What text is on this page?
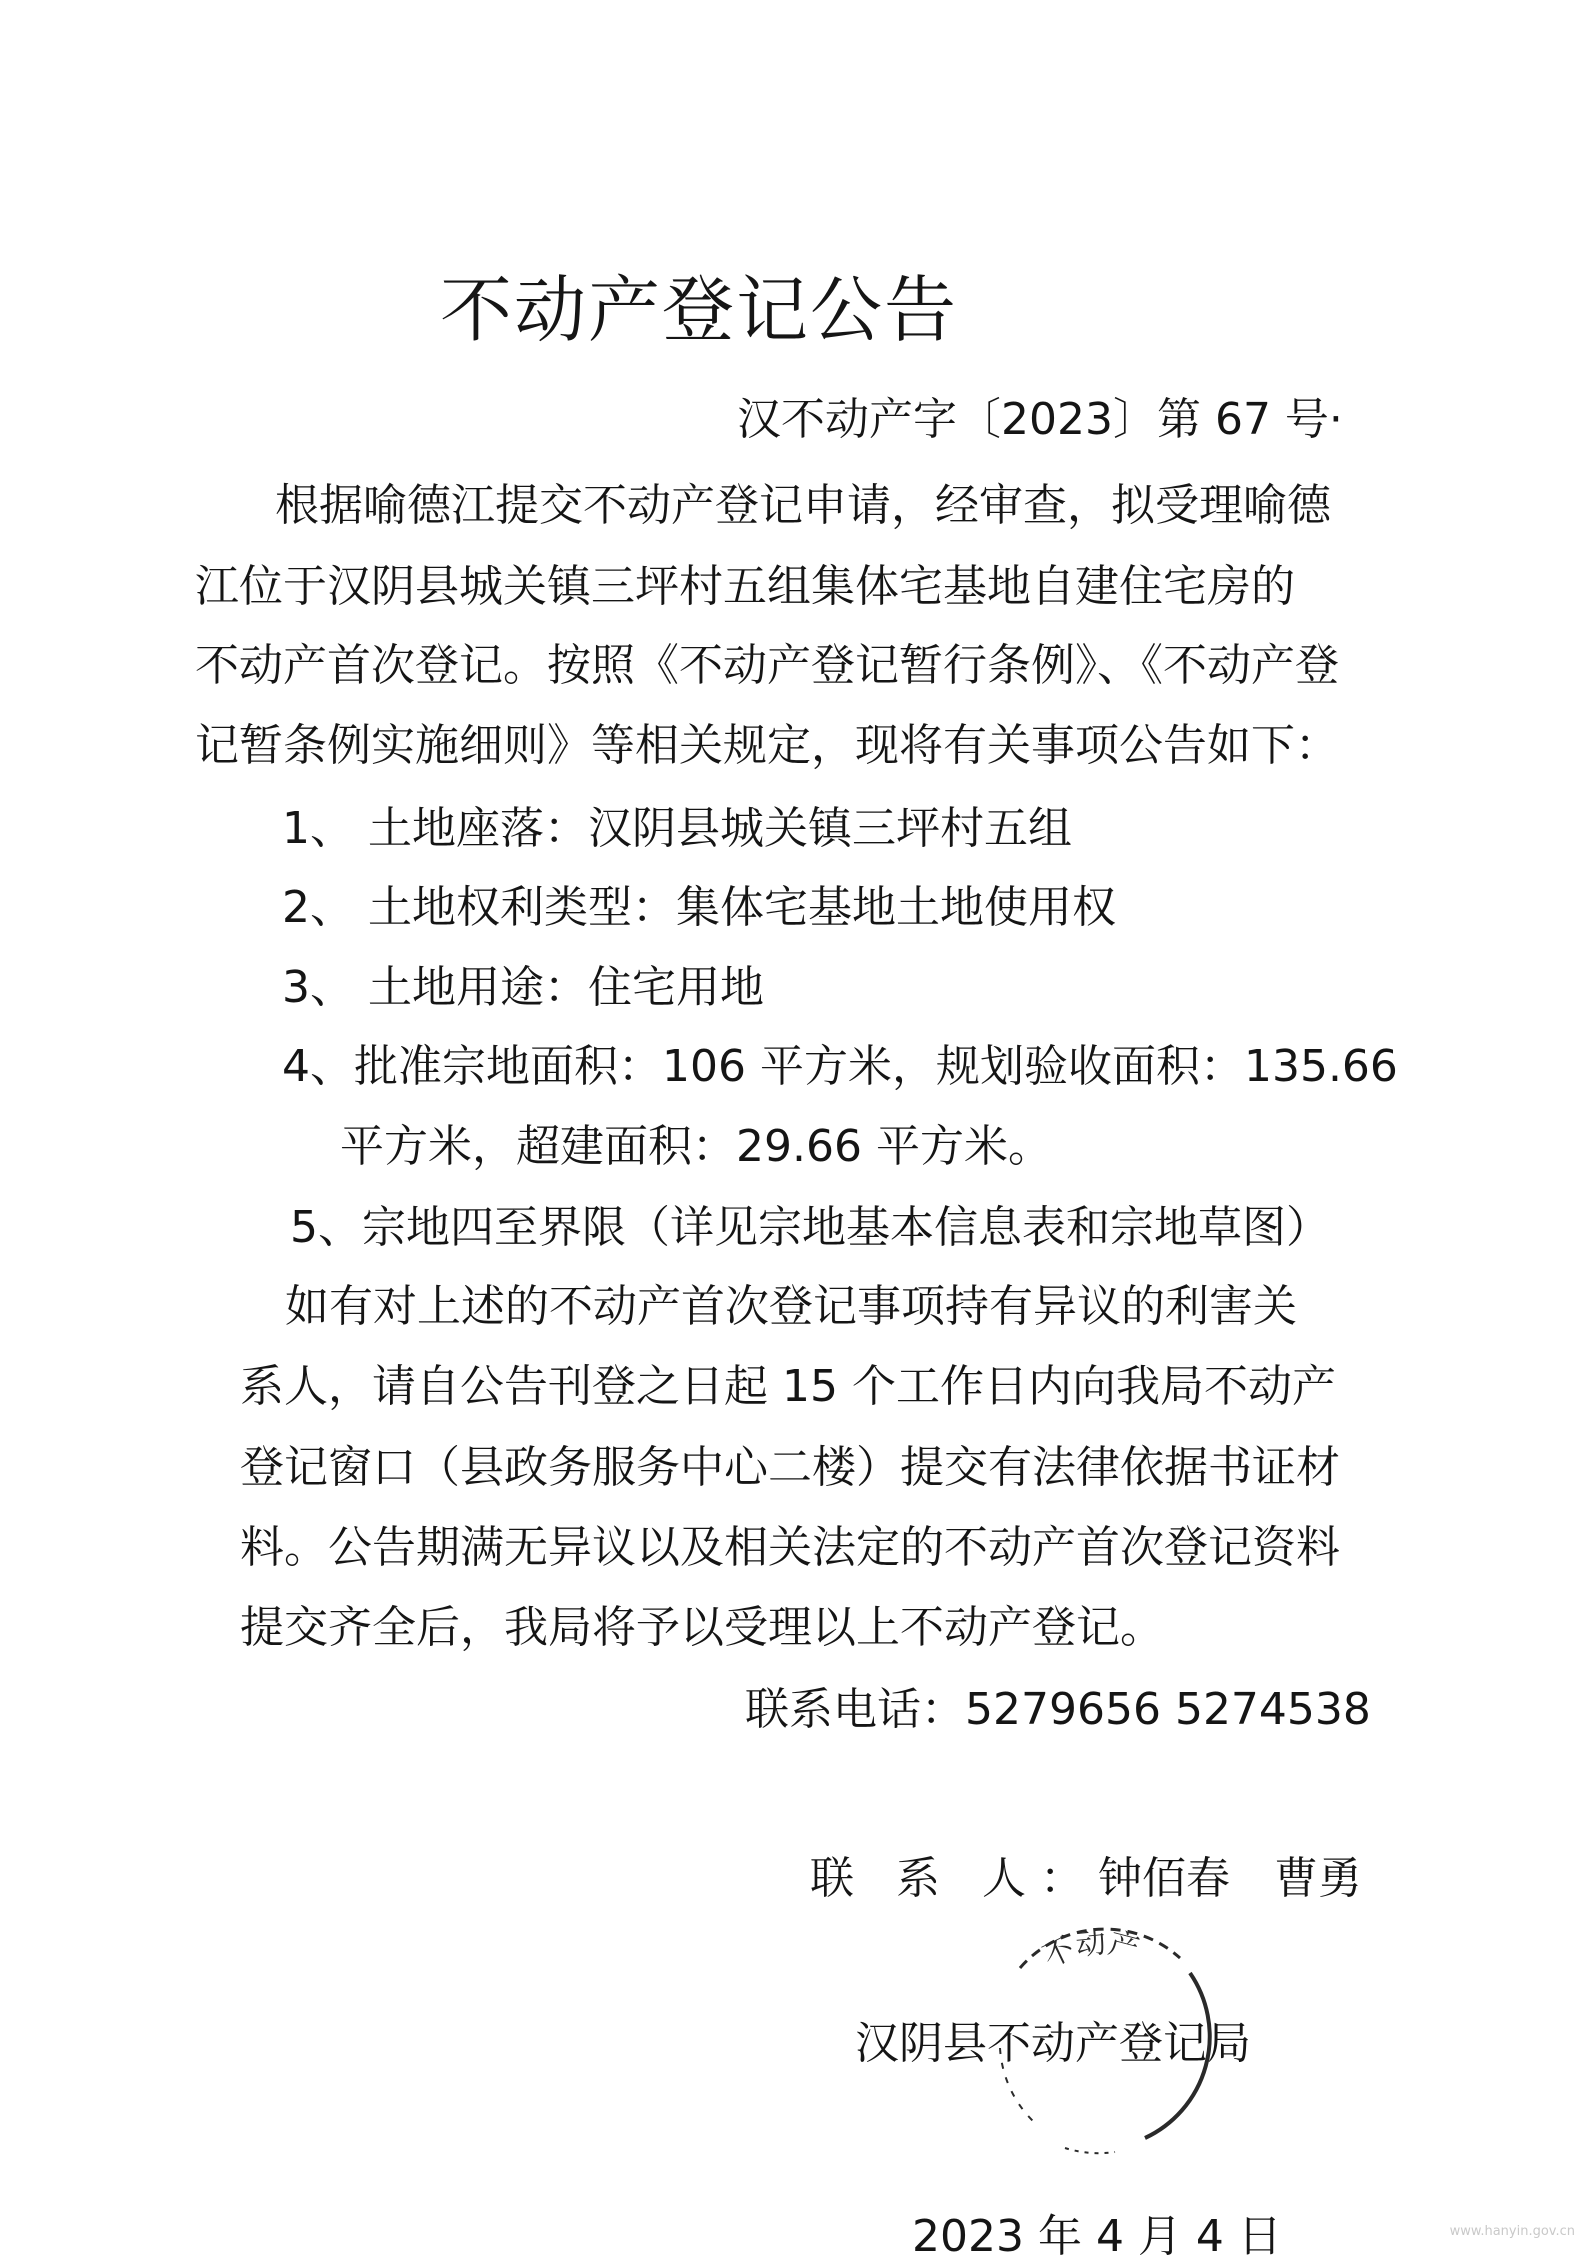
不动产登记公告
汉不动产字〔2023〕第 67 号·
根据喻德江提交不动产登记申请，经审查，拟受理喻德
江位于汉阴县城关镇三坪村五组集体宅基地自建住宅房的
不动产首次登记。按照《不动产登记暂行条例》、《不动产登
记暂条例实施细则》等相关规定，现将有关事项公告如下：
1、 土地座落：汉阴县城关镇三坪村五组
2、 土地权利类型：集体宅基地土地使用权
3、 土地用途：住宅用地
4、批准宗地面积：106 平方米，规划验收面积：135.66
平方米，超建面积：29.66 平方米。
5、宗地四至界限（详见宗地基本信息表和宗地草图）
如有对上述的不动产首次登记事项持有异议的利害关
系人，请自公告刊登之日起 15 个工作日内向我局不动产
登记窗口（县政务服务中心二楼）提交有法律依据书证材
料。公告期满无异议以及相关法定的不动产首次登记资料
提交齐全后，我局将予以受理以上不动产登记。
联系电话：5279656 5274538
联 系 人：钟佰春　曹勇
不动产
汉阴县不动产登记局
2023 年 4 月 4 日	www.hanyin.gov.cn
